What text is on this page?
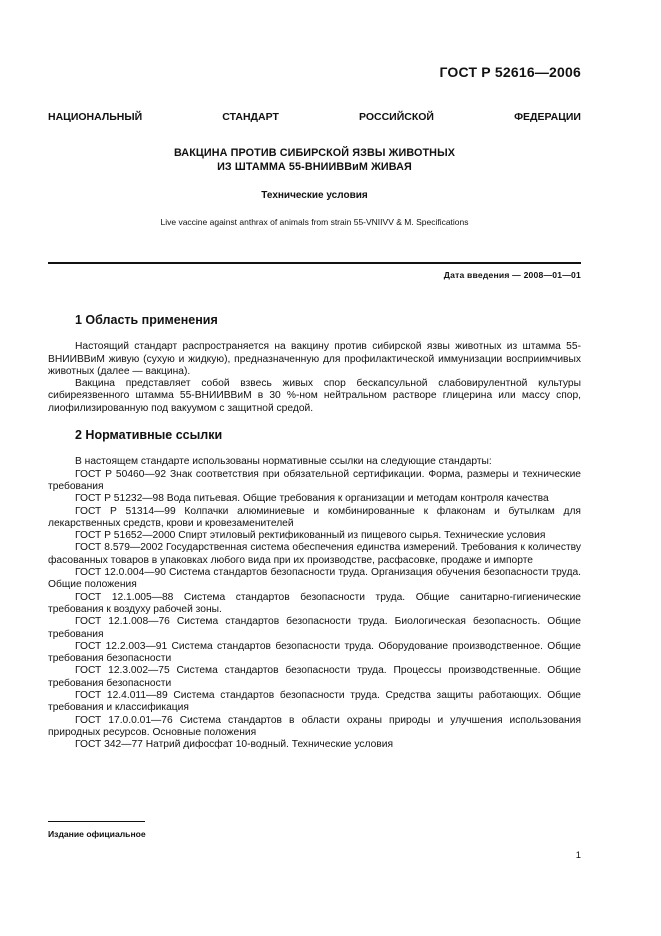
ГОСТ Р 52616—2006
НАЦИОНАЛЬНЫЙ	СТАНДАРТ	РОССИЙСКОЙ	ФЕДЕРАЦИИ
ВАКЦИНА ПРОТИВ СИБИРСКОЙ ЯЗВЫ ЖИВОТНЫХ
ИЗ ШТАММА 55-ВНИИВВиМ ЖИВАЯ
Технические условия
Live vaccine against anthrax of animals from strain 55-VNIIVV & M. Specifications
Дата введения — 2008—01—01
1 Область применения

Настоящий стандарт распространяется на вакцину против сибирской язвы животных из штамма 55-ВНИИВВиМ живую (сухую и жидкую), предназначенную для профилактической иммунизации восприимчивых животных (далее — вакцина).

Вакцина представляет собой взвесь живых спор бескапсульной слабовирулентной культуры сибиреязвенного штамма 55-ВНИИВВиМ в 30 %-ном нейтральном растворе глицерина или массу спор, лиофилизированную под вакуумом с защитной средой.

2 Нормативные ссылки

В настоящем стандарте использованы нормативные ссылки на следующие стандарты:

ГОСТ Р 50460—92 Знак соответствия при обязательной сертификации. Форма, размеры и технические требования

ГОСТ Р 51232—98 Вода питьевая. Общие требования к организации и методам контроля качества

ГОСТ Р 51314—99 Колпачки алюминиевые и комбинированные к флаконам и бутылкам для лекарственных средств, крови и кровезаменителей

ГОСТ Р 51652—2000 Спирт этиловый ректификованный из пищевого сырья. Технические условия

ГОСТ 8.579—2002 Государственная система обеспечения единства измерений. Требования к количеству фасованных товаров в упаковках любого вида при их производстве, расфасовке, продаже и импорте

ГОСТ 12.0.004—90 Система стандартов безопасности труда. Организация обучения безопасности труда. Общие положения

ГОСТ 12.1.005—88 Система стандартов безопасности труда. Общие санитарно-гигиенические требования к воздуху рабочей зоны.

ГОСТ 12.1.008—76 Система стандартов безопасности труда. Биологическая безопасность. Общие требования

ГОСТ 12.2.003—91 Система стандартов безопасности труда. Оборудование производственное. Общие требования безопасности

ГОСТ 12.3.002—75 Система стандартов безопасности труда. Процессы производственные. Общие требования безопасности

ГОСТ 12.4.011—89 Система стандартов безопасности труда. Средства защиты работающих. Общие требования и классификация

ГОСТ 17.0.0.01—76 Система стандартов в области охраны природы и улучшения использования природных ресурсов. Основные положения

ГОСТ 342—77 Натрий дифосфат 10-водный. Технические условия

Издание официальное
1
